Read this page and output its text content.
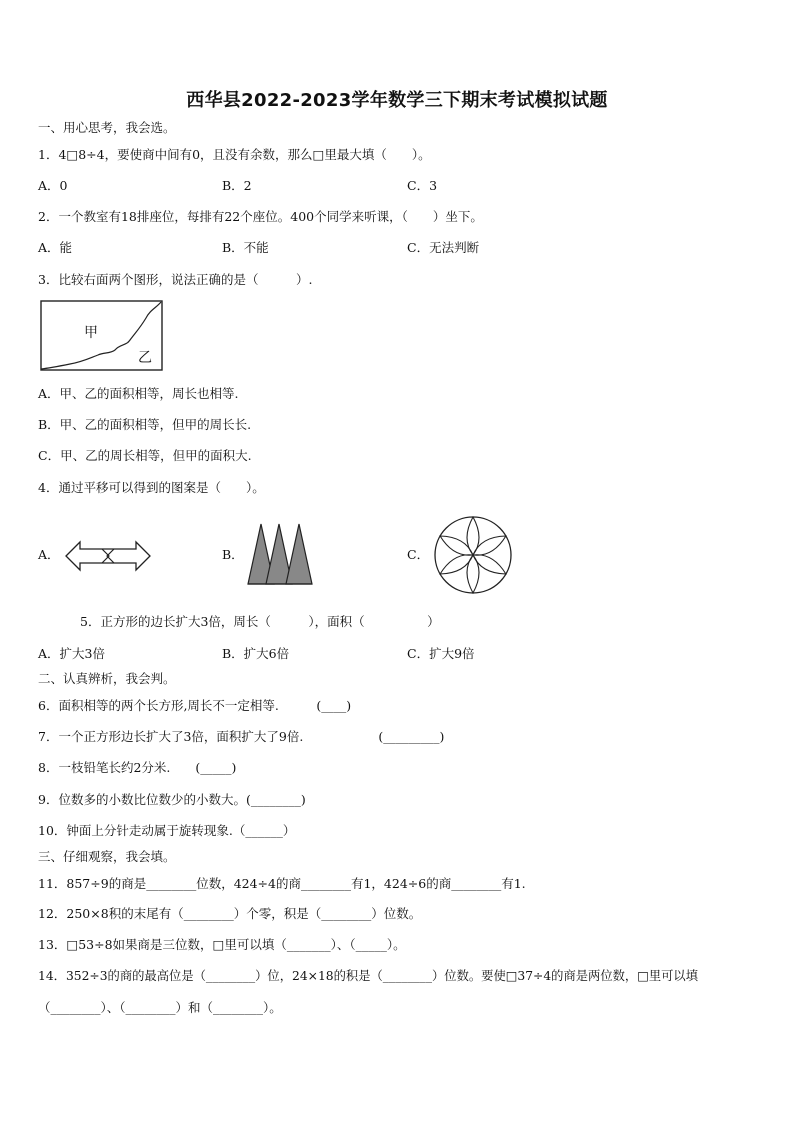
西华县2022-2023学年数学三下期末考试模拟试题
一、用心思考，我会选。
1．4□8÷4，要使商中间有0，且没有余数，那么□里最大填（　　）。
A．0	B．2	C．3
2．一个教室有18排座位，每排有22个座位。400个同学来听课，（　　）坐下。
A．能	B．不能	C．无法判断
3．比较右面两个图形，说法正确的是（　　　）.
甲
乙
A．甲、乙的面积相等，周长也相等.
B．甲、乙的面积相等，但甲的周长长.
C．甲、乙的周长相等，但甲的面积大.
4．通过平移可以得到的图案是（　　）。
A．	B．	C．
5．正方形的边长扩大3倍，周长（　　　），面积（　　　　　）
A．扩大3倍	B．扩大6倍	C．扩大9倍
二、认真辨析，我会判。
6．面积相等的两个长方形,周长不一定相等.　　　(____)
7．一个正方形边长扩大了3倍，面积扩大了9倍.　　　　　　(_________)
8．一枝铅笔长约2分米.　　(_____)
9．位数多的小数比位数少的小数大。(________)
10．钟面上分针走动属于旋转现象.（______）
三、仔细观察，我会填。
11．857÷9的商是________位数，424÷4的商________有1，424÷6的商________有1.
12．250×8积的末尾有（________）个零，积是（________）位数。
13．□53÷8如果商是三位数，□里可以填（_______）、（_____）。
14．352÷3的商的最高位是（________）位，24×18的积是（________）位数。要使□37÷4的商是两位数，□里可以填
（________）、（________）和（________）。
